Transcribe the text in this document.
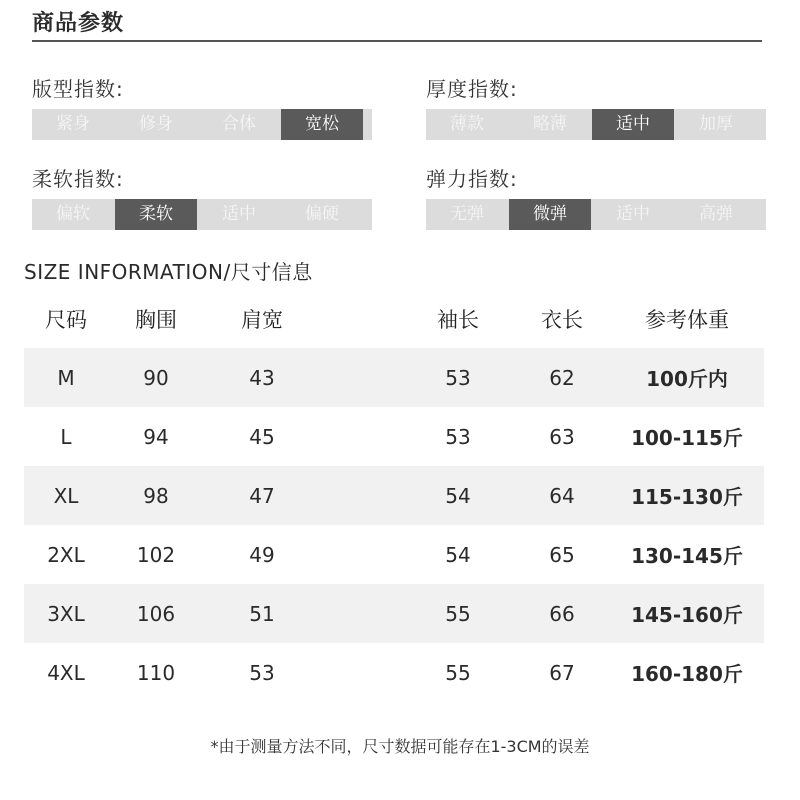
商品参数
版型指数:
紧身	修身	合体	宽松
厚度指数:
薄款	略薄	适中	加厚
柔软指数:
偏软	柔软	适中	偏硬
弹力指数:
无弹	微弹	适中	高弹
SIZE INFORMATION/尺寸信息
尺码	胸围	肩宽	袖长	衣长	参考体重
M	90	43	53	62	100斤内
L	94	45	53	63	100-115斤
XL	98	47	54	64	115-130斤
2XL	102	49	54	65	130-145斤
3XL	106	51	55	66	145-160斤
4XL	110	53	55	67	160-180斤
*由于测量方法不同，尺寸数据可能存在1-3CM的误差
